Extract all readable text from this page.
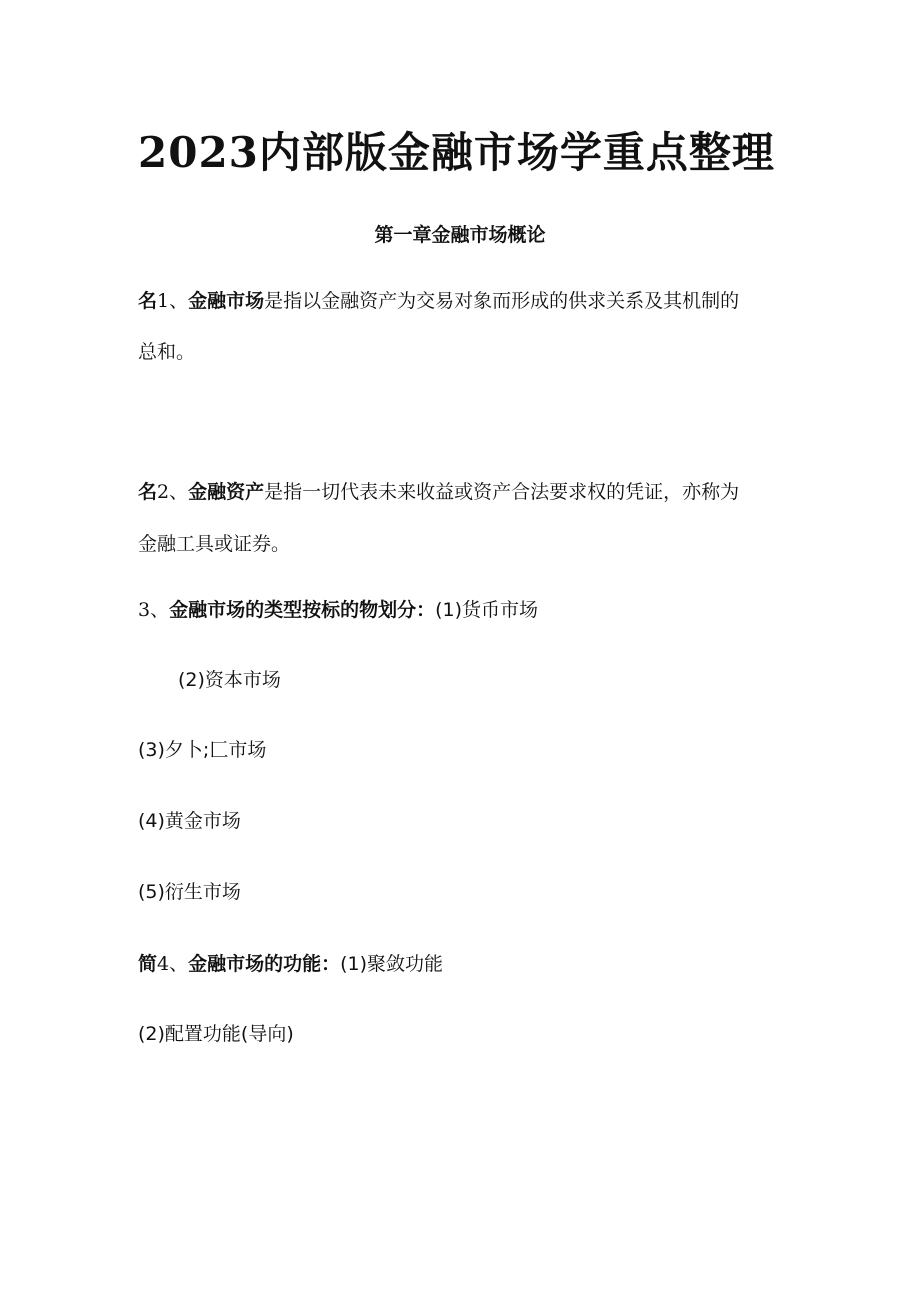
2023内部版金融市场学重点整理
第一章金融市场概论

名1、金融市场是指以金融资产为交易对象而形成的供求关系及其机制的

总和。

名2、金融资产是指一切代表未来收益或资产合法要求权的凭证，亦称为

金融工具或证券。

3、金融市场的类型按标的物划分：(1)货币市场

(2)资本市场

(3)夕卜;匚市场

(4)黄金市场

(5)衍生市场

简4、金融市场的功能：(1)聚敛功能

(2)配置功能(导向)
